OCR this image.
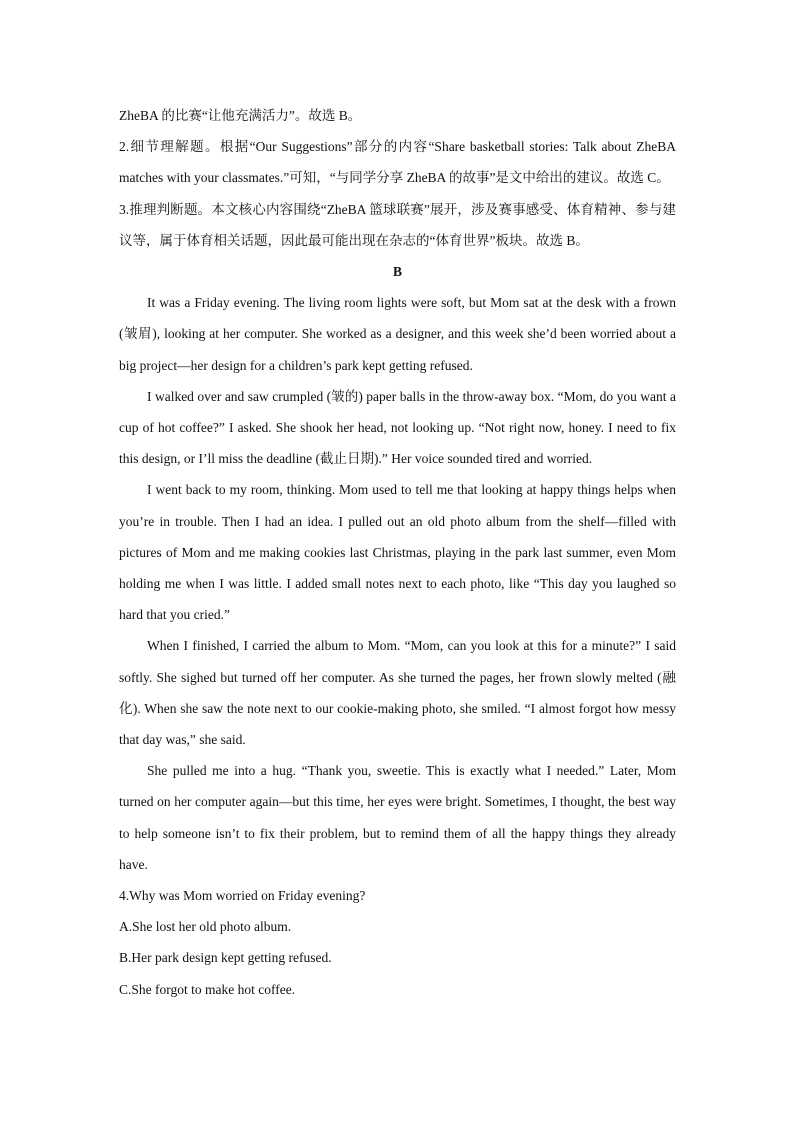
ZheBA 的比赛“让他充满活力”。故选 B。

2.细节理解题。根据“Our Suggestions”部分的内容“Share basketball stories: Talk about ZheBA matches with your classmates.”可知，“与同学分享 ZheBA 的故事”是文中给出的建议。故选 C。

3.推理判断题。本文核心内容围绕“ZheBA 篮球联赛”展开，涉及赛事感受、体育精神、参与建议等，属于体育相关话题，因此最可能出现在杂志的“体育世界”板块。故选 B。

B

It was a Friday evening. The living room lights were soft, but Mom sat at the desk with a frown (皱眉), looking at her computer. She worked as a designer, and this week she’d been worried about a big project—her design for a children’s park kept getting refused.

I walked over and saw crumpled (皱的) paper balls in the throw-away box. “Mom, do you want a cup of hot coffee?” I asked. She shook her head, not looking up. “Not right now, honey. I need to fix this design, or I’ll miss the deadline (截止日期).” Her voice sounded tired and worried.

I went back to my room, thinking. Mom used to tell me that looking at happy things helps when you’re in trouble. Then I had an idea. I pulled out an old photo album from the shelf—filled with pictures of Mom and me making cookies last Christmas, playing in the park last summer, even Mom holding me when I was little. I added small notes next to each photo, like “This day you laughed so hard that you cried.”

When I finished, I carried the album to Mom. “Mom, can you look at this for a minute?” I said softly. She sighed but turned off her computer. As she turned the pages, her frown slowly melted (融化). When she saw the note next to our cookie-making photo, she smiled. “I almost forgot how messy that day was,” she said.

She pulled me into a hug. “Thank you, sweetie. This is exactly what I needed.” Later, Mom turned on her computer again—but this time, her eyes were bright. Sometimes, I thought, the best way to help someone isn’t to fix their problem, but to remind them of all the happy things they already have.

4.Why was Mom worried on Friday evening?

A.She lost her old photo album.

B.Her park design kept getting refused.

C.She forgot to make hot coffee.
